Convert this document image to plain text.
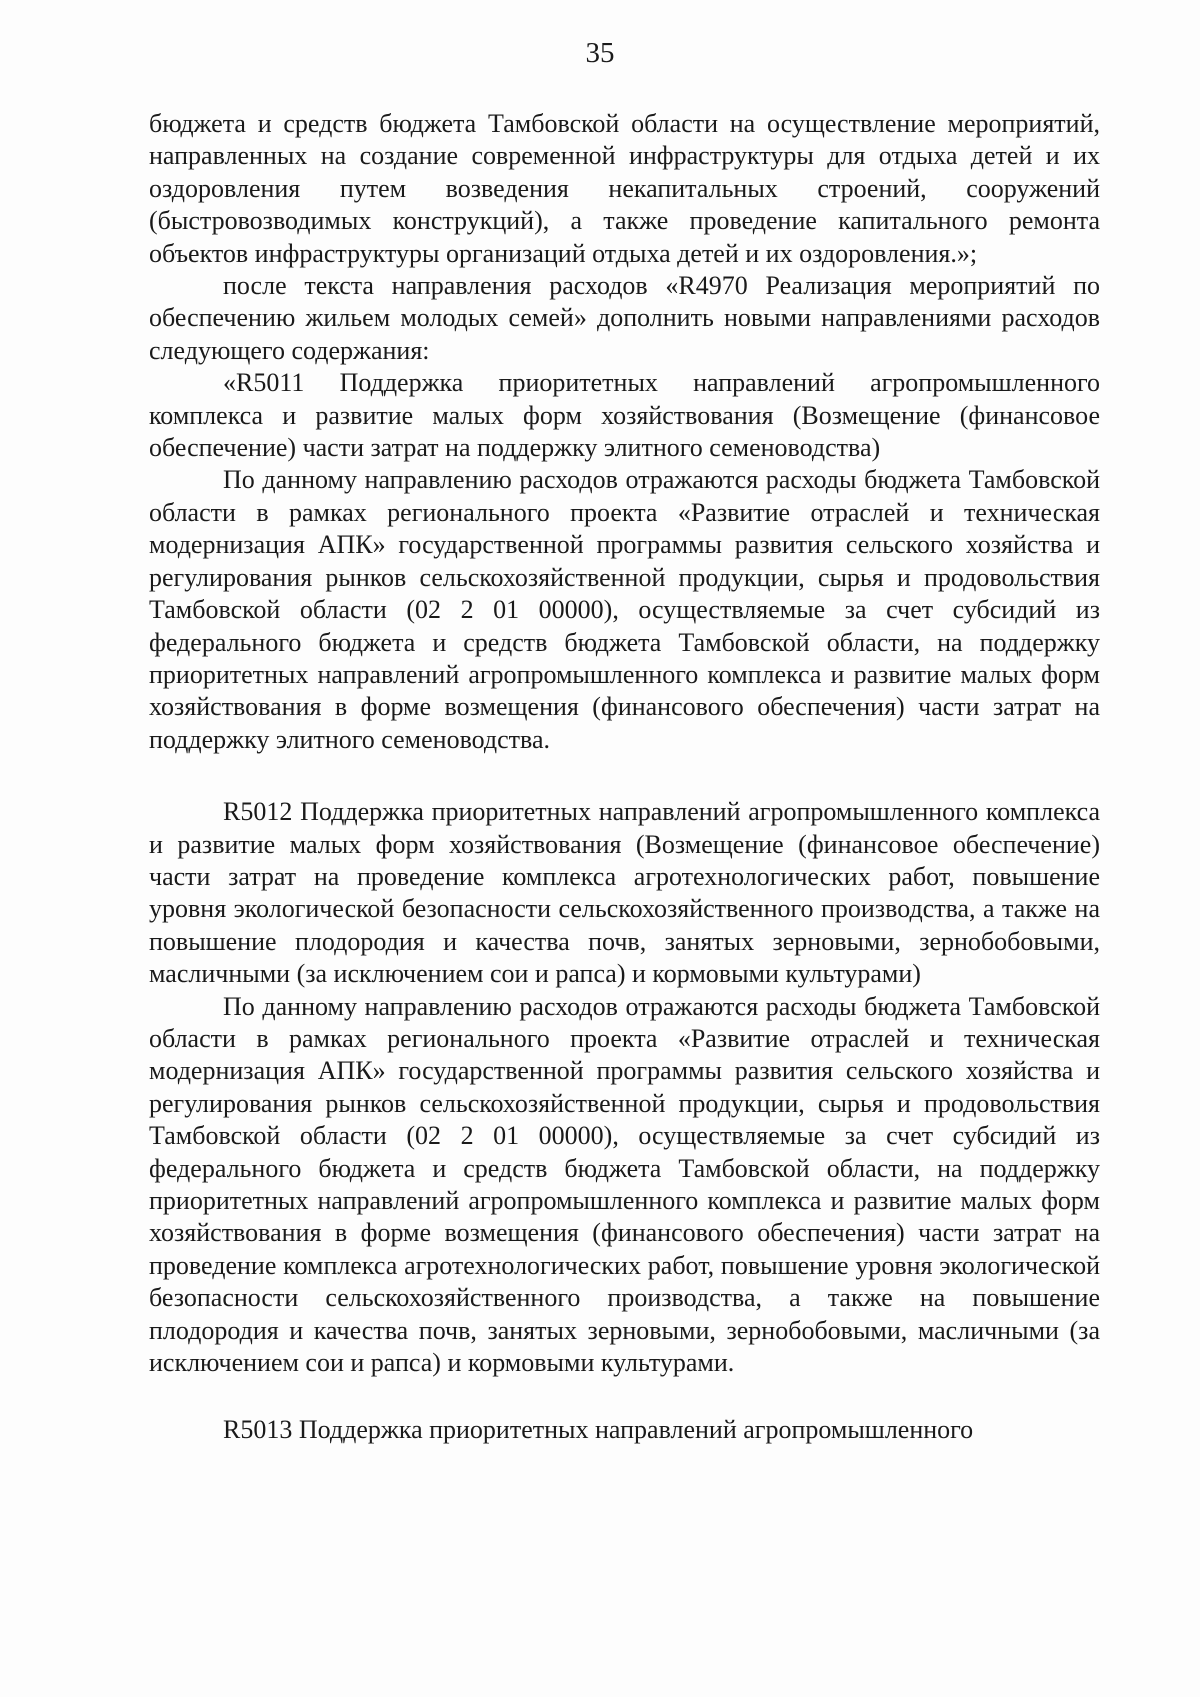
35

бюджета и средств бюджета Тамбовской области на осуществление мероприятий, направленных на создание современной инфраструктуры для отдыха детей и их оздоровления путем возведения некапитальных строений, сооружений (быстровозводимых конструкций), а также проведение капитального ремонта объектов инфраструктуры организаций отдыха детей и их оздоровления.»;

после текста направления расходов «R4970 Реализация мероприятий по обеспечению жильем молодых семей» дополнить новыми направлениями расходов следующего содержания:

«R5011 Поддержка приоритетных направлений агропромышленного комплекса и развитие малых форм хозяйствования (Возмещение (финансовое обеспечение) части затрат на поддержку элитного семеноводства)

По данному направлению расходов отражаются расходы бюджета Тамбовской области в рамках регионального проекта «Развитие отраслей и техническая модернизация АПК» государственной программы развития сельского хозяйства и регулирования рынков сельскохозяйственной продукции, сырья и продовольствия Тамбовской области (02 2 01 00000), осуществляемые за счет субсидий из федерального бюджета и средств бюджета Тамбовской области, на поддержку приоритетных направлений агропромышленного комплекса и развитие малых форм хозяйствования в форме возмещения (финансового обеспечения) части затрат на поддержку элитного семеноводства.

R5012 Поддержка приоритетных направлений агропромышленного комплекса и развитие малых форм хозяйствования (Возмещение (финансовое обеспечение) части затрат на проведение комплекса агротехнологических работ, повышение уровня экологической безопасности сельскохозяйственного производства, а также на повышение плодородия и качества почв, занятых зерновыми, зернобобовыми, масличными (за исключением сои и рапса) и кормовыми культурами)

По данному направлению расходов отражаются расходы бюджета Тамбовской области в рамках регионального проекта «Развитие отраслей и техническая модернизация АПК» государственной программы развития сельского хозяйства и регулирования рынков сельскохозяйственной продукции, сырья и продовольствия Тамбовской области (02 2 01 00000), осуществляемые за счет субсидий из федерального бюджета и средств бюджета Тамбовской области, на поддержку приоритетных направлений агропромышленного комплекса и развитие малых форм хозяйствования в форме возмещения (финансового обеспечения) части затрат на проведение комплекса агротехнологических работ, повышение уровня экологической безопасности сельскохозяйственного производства, а также на повышение плодородия и качества почв, занятых зерновыми, зернобобовыми, масличными (за исключением сои и рапса) и кормовыми культурами.

R5013 Поддержка приоритетных направлений агропромышленного
